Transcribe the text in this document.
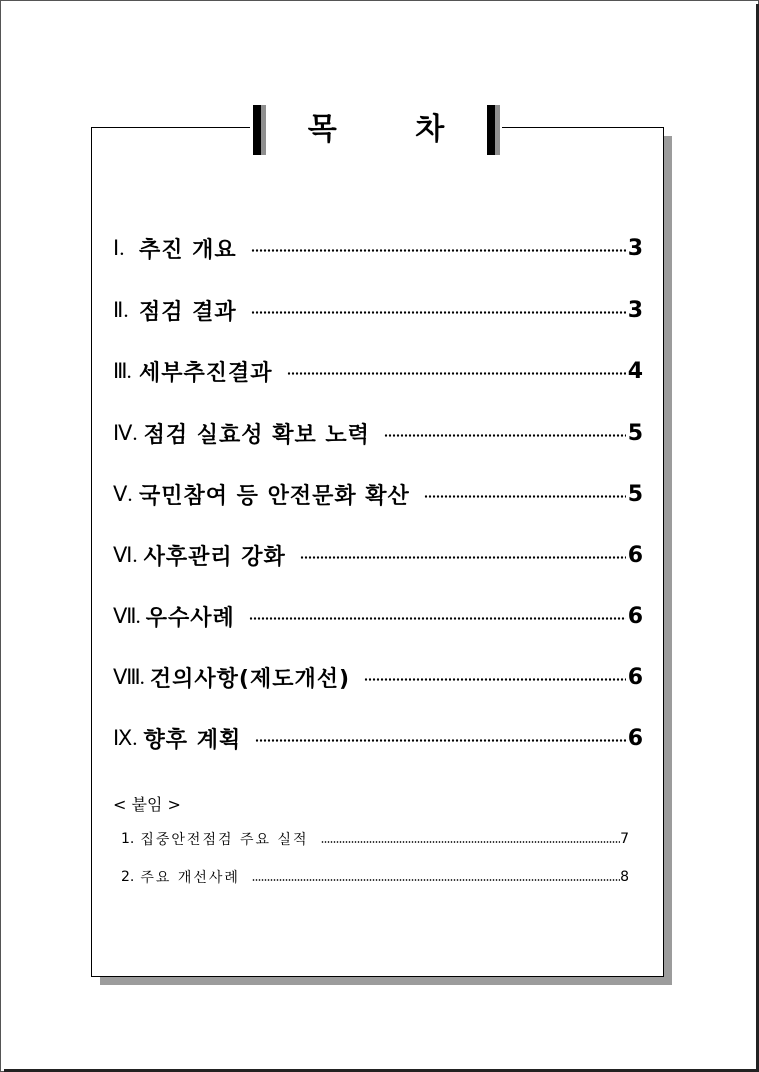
목 차
Ⅰ. 추진 개요	3
Ⅱ. 점검 결과	3
Ⅲ. 세부추진결과	4
Ⅳ. 점검 실효성 확보 노력	5
Ⅴ. 국민참여 등 안전문화 확산	5
Ⅵ. 사후관리 강화	6
Ⅶ. 우수사례	6
Ⅷ. 건의사항(제도개선)	6
Ⅸ. 향후 계획	6
< 붙임 >
1. 집중안전점검 주요 실적	7
2. 주요 개선사례	8
